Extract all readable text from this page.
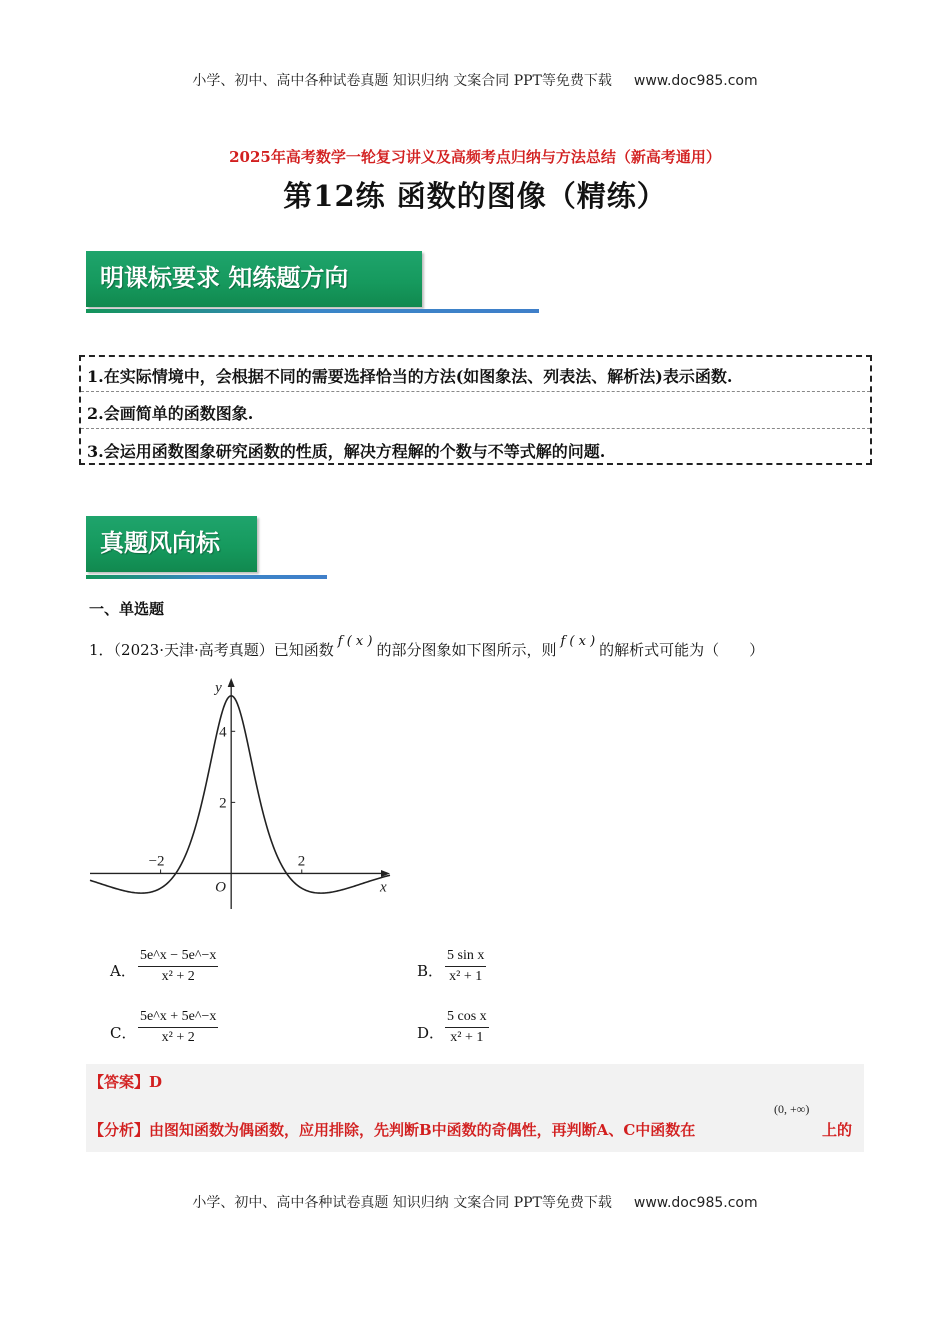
小学、初中、高中各种试卷真题 知识归纳 文案合同 PPT等免费下载 www.doc985.com
2025年高考数学一轮复习讲义及高频考点归纳与方法总结（新高考通用）
第12练 函数的图像（精练）
明课标要求 知练题方向
1.在实际情境中，会根据不同的需要选择恰当的方法(如图象法、列表法、解析法)表示函数.
2.会画简单的函数图象.
3.会运用函数图象研究函数的性质，解决方程解的个数与不等式解的问题.
真题风向标
一、单选题
1．（2023·天津·高考真题）已知函数 f ( x ) 的部分图象如下图所示，则 f ( x ) 的解析式可能为（　　）
x
y
O
−2	2
4
2
A． $\frac{5e\^{}x - 5e\^{}-x}{\text{x² + 2}}$	B． $\frac{\text{5 sin x}}{\text{x² + 1}}$
C． $\frac{5e\^{}x + 5e\^{}-x}{\text{x² + 2}}$	D． $\frac{\text{5 cos x}}{\text{x² + 1}}$
【答案】D
(0, +∞)
【分析】由图知函数为偶函数，应用排除，先判断B中函数的奇偶性，再判断A、C中函数在	上的
小学、初中、高中各种试卷真题 知识归纳 文案合同 PPT等免费下载 www.doc985.com
